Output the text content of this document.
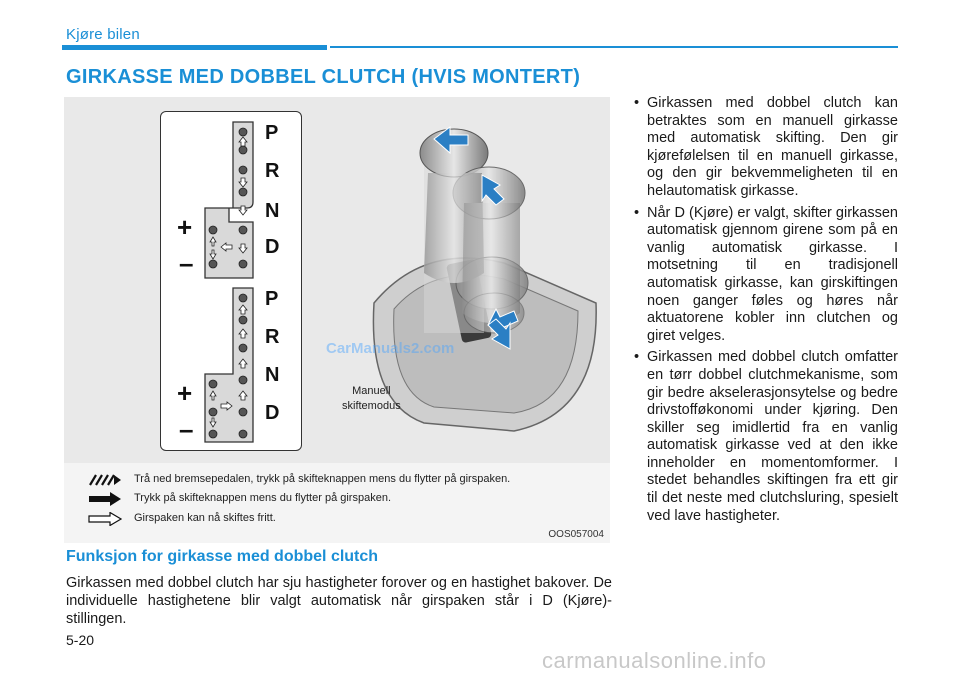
Kjøre bilen
GIRKASSE MED DOBBEL CLUTCH (HVIS MONTERT)
P
R
N
D
P
R
N
D
+
–
+
–
CarManuals2.com
Manuell
skiftemodus
Trå ned bremsepedalen, trykk på skifteknappen mens du flytter på girspaken.
Trykk på skifteknappen mens du flytter på girspaken.
Girspaken kan nå skiftes fritt.
OOS057004
Funksjon for girkasse med dobbel clutch
Girkassen med dobbel clutch har sju hastigheter forover og en hastighet bakover. De individuelle hastighetene blir valgt automatisk når girspaken står i D (Kjøre)-stillingen.
• Girkassen med dobbel clutch kan betraktes som en manuell girkasse med automatisk skifting. Den gir kjørefølelsen til en manuell girkasse, og den gir bekvemmeligheten til en helautomatisk girkasse.
• Når D (Kjøre) er valgt, skifter girkassen automatisk gjennom girene som på en vanlig automatisk girkasse. I motsetning til en tradisjonell automatisk girkasse, kan girskiftingen noen ganger føles og høres når aktuatorene kobler inn clutchen og giret velges.
• Girkassen med dobbel clutch omfatter en tørr dobbel clutchmekanisme, som gir bedre akselerasjonsytelse og bedre drivstofføkonomi under kjøring. Den skiller seg imidlertid fra en vanlig automatisk girkasse ved at den ikke inneholder en momentomformer. I stedet behandles skiftingen fra ett gir til det neste med clutchsluring, spesielt ved lave hastigheter.
5-20
carmanualsonline.info
